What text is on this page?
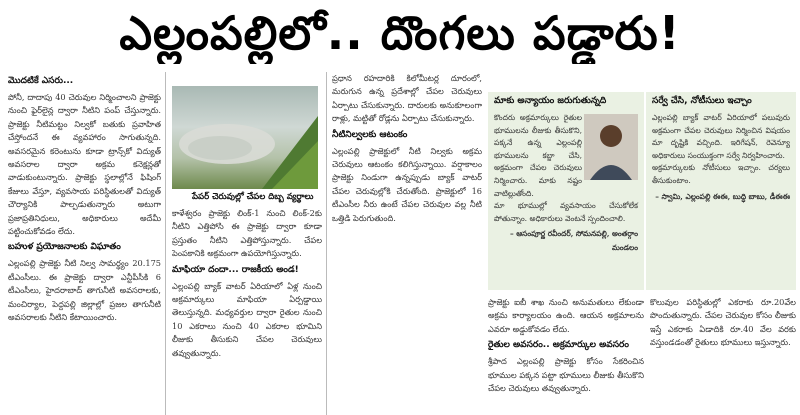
ఎల్లంపల్లిలో.. దొంగలు పడ్డారు!
మొదటికే ఎసరు...

పోనీ, దాదాపు 40 చెరువుల నిర్మించాలని ప్రాజెక్టు నుంచి ఫైర్‌లైన్ల ద్వారా నీటిని పంప్ చేస్తున్నారు. ప్రాజెక్టు నీటిమట్టం నిల్వకో బతుకు ప్రవాహిత చేస్తోందనే ఈ వ్యవహారం సాగుతున్నది. అవసరమైన కరెంటును కూడా ట్రాన్స్‌కో విద్యుత్ అవసరాల ద్వారా అక్రమ కనెక్షన్లతో వాడుకుంటున్నారు. ప్రాజెక్టు స్థలాల్లోనే ఫిషింగ్ కేజులు వేస్తూ, వ్యవసాయ పరిస్థితులతో విద్యుత్ చౌర్యానికి పాల్పడుతున్నారు అటుగా ప్రజాప్రతినిధులు, అధికారులు అదేమీ పట్టించుకోవడం లేదు.

బహుళ ప్రయోజనాలకు విఘాతం

ఎల్లంపల్లి ప్రాజెక్టు నీటి నిల్వ సామర్థ్యం 20.175 టీఎంసీలు. ఈ ప్రాజెక్టు ద్వారా ఎన్టీపీసీకి 6 టీఎంసీలు, హైదరాబాద్ తాగునీటి అవసరాలకు, మంచిర్యాల, పెద్దపల్లి జిల్లాల్లో ప్రజల తాగునీటి అవసరాలకు నీటిని కేటాయించారు.

పేపర్ చెరువుల్లో చేపల దిబ్బ వ్యర్థాలు

కాళేశ్వరం ప్రాజెక్టు లింక్-1 నుంచి లింక్-2కు నీటిని ఎత్తిపోసి ఈ ప్రాజెక్టు ద్వారా కూడా ప్రస్తుతం నీటిని ఎత్తిపోస్తున్నారు. చేపల పెంపకానికి అక్రమంగా ఉపయోగిస్తున్నారు.

మాఫియా దందా... రాజకీయ అండ!

ఎల్లంపల్లి బ్యాక్ వాటర్ ఏరియాలో ఏళ్ల నుంచి అక్రమార్కులు మాఫియా ఏర్పడ్డాయి తెలుస్తున్నది. మధ్యవర్తుల ద్వారా రైతుల నుంచి 10 ఎకరాలు నుంచి 40 ఎకరాల భూమిని లీజుకు తీసుకుని చేపల చెరువులు తవ్వుతున్నారు.

ప్రధాన రహదారికి కిలోమీటర్ల దూరంలో, మరుగున ఉన్న ప్రదేశాల్లో చేపల చెరువులు ఏర్పాటు చేసుకున్నారు. దారులకు అనుకూలంగా రాళ్లు, మట్టితో రోడ్లను ఏర్పాటు చేసుకున్నారు.

నీటినిల్వలకు ఆటంకం

ఎల్లంపల్లి ప్రాజెక్టులో నీటి నిల్వకు అక్రమ చెరువులు ఆటంకం కలిగిస్తున్నాయి. వర్షాకాలం ప్రాజెక్టు నిండుగా ఉన్నప్పుడు బ్యాక్ వాటర్ చేపల చెరువుల్లోకి చేరుతోంది. ప్రాజెక్టులో 16 టీఎంసీల నీరు ఉంటే చేపల చెరువుల వల్ల నీటి ఒత్తిడి పెరుగుతుంది.

మాకు అన్యాయం జరుగుతున్నది

కొందరు అక్రమార్కులు రైతుల భూములను లీజుకు తీసుకొని, పక్కనే ఉన్న ఎల్లంపల్లి భూములను కబ్జా చేసి, అక్రమంగా చేపల చెరువులు నిర్మించారు. మాకు నష్టం వాటిల్లుతోంది.

మా భూముల్లో వ్యవసాయం చేసుకోలేక పోతున్నాం. అధికారులు వెంటనే స్పందించాలి.

– ఆసంపూర్ణ రవీందర్, సోమనపల్లి, అంతర్గాం మండలం
సర్వే చేసి, నోటీసులు ఇచ్చాం

ఎల్లంపల్లి బ్యాక్ వాటర్ ఏరియాలో పలువురు అక్రమంగా చేపల చెరువులు నిర్మించిన విషయం మా దృష్టికి వచ్చింది. ఇరిగేషన్, రెవెన్యూ అధికారులు సంయుక్తంగా సర్వే నిర్వహించారు.

అక్రమార్కులకు నోటీసులు ఇచ్చాం. చర్యలు తీసుకుంటాం.

– స్వామి, ఎల్లంపల్లి ఈఈ, బుద్ధి బాబు, డీఈఈ

ప్రాజెక్టు ఐబీ శాఖ నుంచి అనుమతులు లేకుండా అక్రమ కార్యాలయం ఉంది. ఆయన అక్రమాలను ఎవరూ అడ్డుకోవడం లేదు.

రైతుల అవసరం.. అక్రమార్కుల అవసరం

శ్రీపాద ఎల్లంపల్లి ప్రాజెక్టు కోసం సేకరించిన భూముల పక్కన పట్టా భూములు లీజుకు తీసుకొని చేపల చెరువులు తవ్వుతున్నారు.

కొలువుల పరిస్థితుల్లో ఎకరాకు రూ.20వేల పొందుతున్నారు. చేపల చెరువుల కోసం లీజుకు ఇస్తే ఎకరాకు ఏడాదికి రూ.40 వేల వరకు వస్తుండడంతో రైతులు భూములు ఇస్తున్నారు.
